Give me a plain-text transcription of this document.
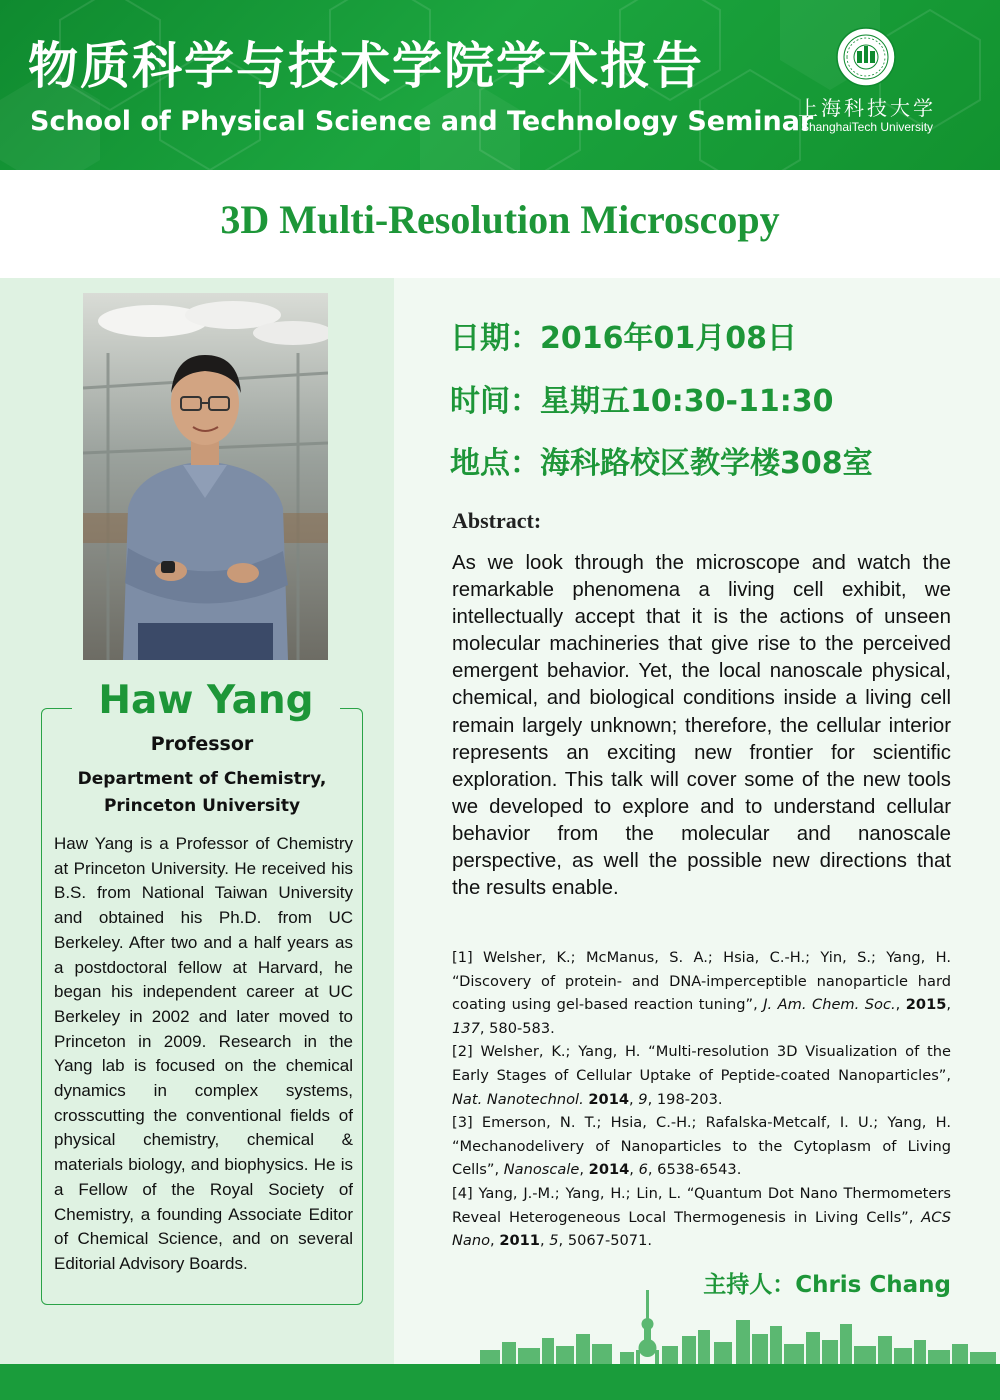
物质科学与技术学院学术报告
School of Physical Science and Technology Seminar
上海科技大学
ShanghaiTech University
3D Multi-Resolution Microscopy
Haw Yang
Professor
Department of Chemistry,
Princeton University
Haw Yang is a Professor of Chemistry at Princeton University. He received his B.S. from National Taiwan University and obtained his Ph.D. from UC Berkeley. After two and a half years as a postdoctoral fellow at Harvard, he began his independent career at UC Berkeley in 2002 and later moved to Princeton in 2009. Research in the Yang lab is focused on the chemical dynamics in complex systems, crosscutting the conventional fields of physical chemistry, chemical & materials biology, and biophysics. He is a Fellow of the Royal Society of Chemistry, a founding Associate Editor of Chemical Science, and on several Editorial Advisory Boards.
日期：2016年01月08日
时间：星期五10:30-11:30
地点：海科路校区教学楼308室
Abstract:
As we look through the microscope and watch the remarkable phenomena a living cell exhibit, we intellectually accept that it is the actions of unseen molecular machineries that give rise to the perceived emergent behavior. Yet, the local nanoscale physical, chemical, and biological conditions inside a living cell remain largely unknown; therefore, the cellular interior represents an exciting new frontier for scientific exploration. This talk will cover some of the new tools we developed to explore and to understand cellular behavior from the molecular and nanoscale perspective, as well the possible new directions that the results enable.
[1] Welsher, K.; McManus, S. A.; Hsia, C.-H.; Yin, S.; Yang, H. “Discovery of protein- and DNA-imperceptible nanoparticle hard coating using gel-based reaction tuning”, J. Am. Chem. Soc., 2015, 137, 580-583.
[2] Welsher, K.; Yang, H. “Multi-resolution 3D Visualization of the Early Stages of Cellular Uptake of Peptide-coated Nanoparticles”, Nat. Nanotechnol. 2014, 9, 198-203.
[3] Emerson, N. T.; Hsia, C.-H.; Rafalska-Metcalf, I. U.; Yang, H. “Mechanodelivery of Nanoparticles to the Cytoplasm of Living Cells”, Nanoscale, 2014, 6, 6538-6543.
[4] Yang, J.-M.; Yang, H.; Lin, L. “Quantum Dot Nano Thermometers Reveal Heterogeneous Local Thermogenesis in Living Cells”, ACS Nano, 2011, 5, 5067-5071.
主持人：Chris Chang
